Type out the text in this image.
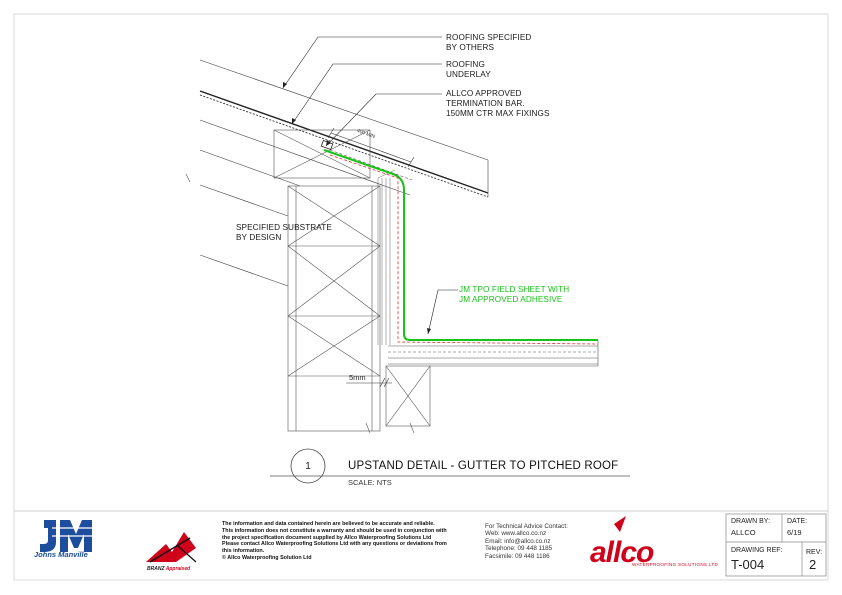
allco
ROOFING SPECIFIED
BY OTHERS
ROOFING
UNDERLAY
ALLCO APPROVED
TERMINATION BAR.
150MM CTR MAX FIXINGS
SPECIFIED SUBSTRATE
BY DESIGN
JM TPO FIELD SHEET WITH
JM APPROVED ADHESIVE
400 MIN
5mm
1	UPSTAND DETAIL - GUTTER TO PITCHED ROOF
SCALE: NTS
Johns Manville
BRANZ Appraised
The information and data contained herein are believed to be accurate and reliable.
This information does not constitute a warranty and should be used in conjunction with
the project specification document supplied by Allco Waterproofing Solutions Ltd
Please contact Allco Waterproofing Solutions Ltd with any questions or deviations from
this information.
© Allco Waterproofing Solution Ltd
For Technical Advice Contact:
Web: www.allco.co.nz
Email: info@allco.co.nz
Telephone: 09 448 1185
Facsimile: 09 448 1186
WATERPROOFING SOLUTIONS LTD
DRAWN BY:
ALLCO
DATE:
6/19
DRAWING REF:
T-004
REV:
2
